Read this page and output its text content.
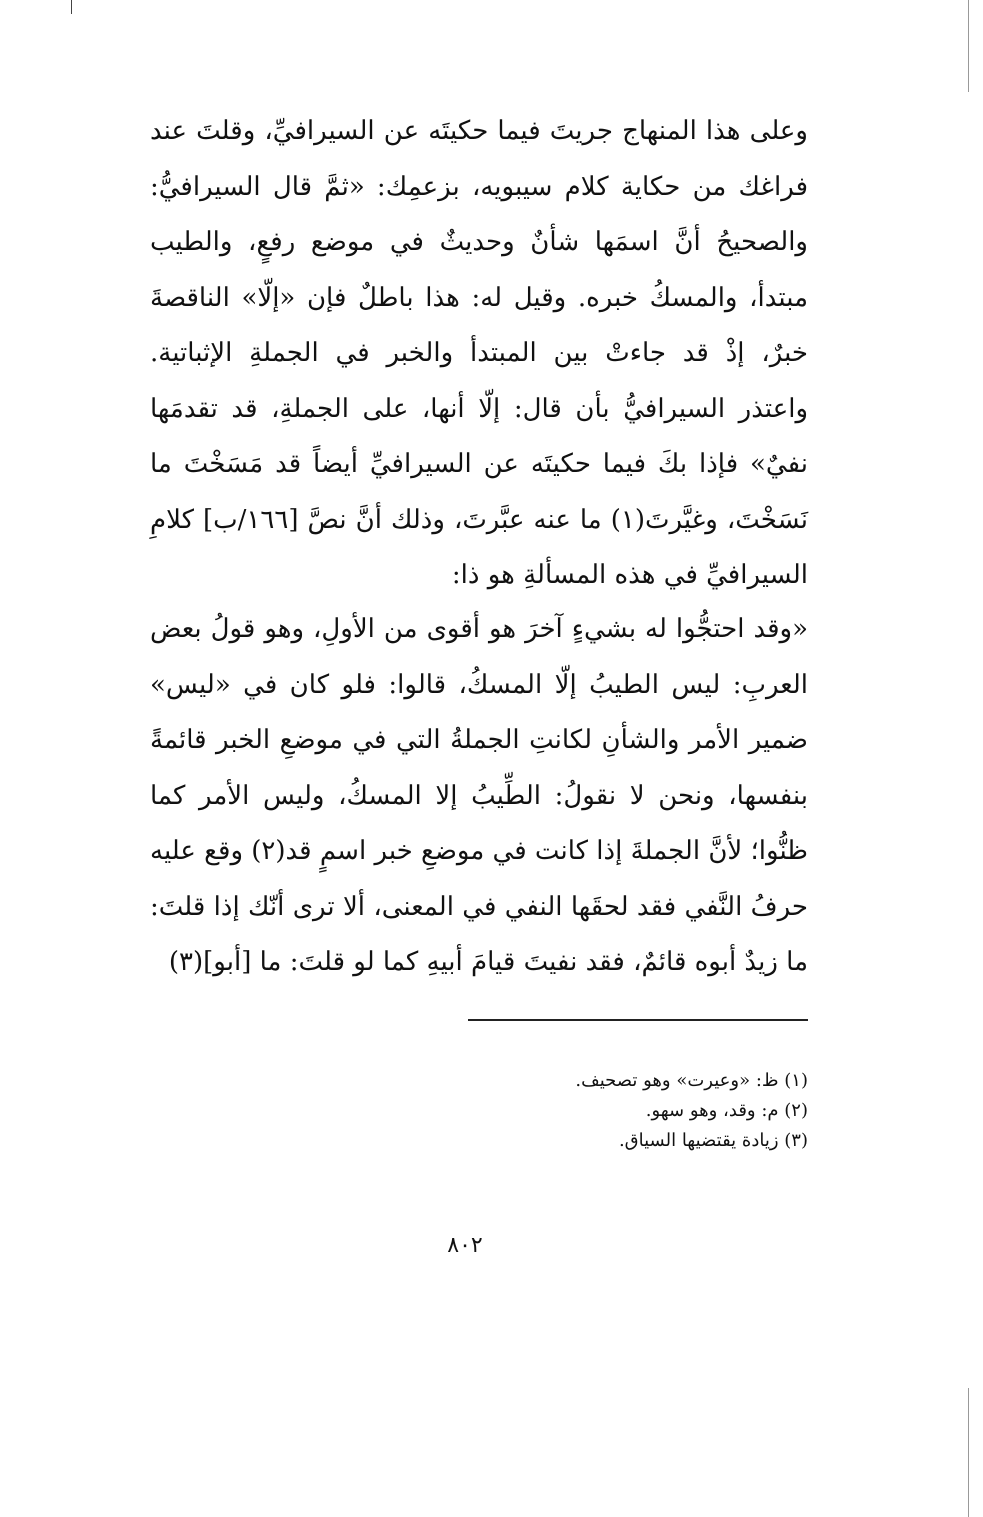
وعلى هذا المنهاج جريتَ فيما حكيتَه عن السيرافيِّ، وقلتَ عند فراغك من حكاية كلام سيبويه، بزعمِك: «ثمَّ قال السيرافيُّ: والصحيحُ أنَّ اسمَها شأنٌ وحديثٌ في موضع رفعٍ، والطيب مبتدأ، والمسكُ خبره. وقيل له: هذا باطلٌ فإن «إلّا» الناقصةَ خبرٌ، إذْ قد جاءتْ بين المبتدأ والخبر في الجملةِ الإثباتية. واعتذر السيرافيُّ بأن قال: إلّا أنها، على الجملةِ، قد تقدمَها نفيٌ» فإذا بكَ فيما حكيتَه عن السيرافيِّ أيضاً قد مَسَخْتَ ما نَسَخْتَ، وغيَّرتَ(١) ما عنه عبَّرتَ، وذلك أنَّ نصَّ [١٦٦/ب] كلامِ السيرافيِّ في هذه المسألةِ هو ذا:

«وقد احتجُّوا له بشيءٍ آخرَ هو أقوى من الأولِ، وهو قولُ بعض العربِ: ليس الطيبُ إلّا المسكُ، قالوا: فلو كان في «ليس» ضمير الأمر والشأنِ لكانتِ الجملةُ التي في موضعِ الخبر قائمةً بنفسها، ونحن لا نقولُ: الطِّيبُ إلا المسكُ، وليس الأمر كما ظنُّوا؛ لأنَّ الجملةَ إذا كانت في موضعِ خبر اسمٍ قد(٢) وقع عليه حرفُ النَّفي فقد لحقَها النفي في المعنى، ألا ترى أنّك إذا قلتَ: ما زيدٌ أبوه قائمٌ، فقد نفيتَ قيامَ أبيهِ كما لو قلتَ: ما [أبو](٣)

(١) ظ: «وعيرت» وهو تصحيف.
(٢) م: وقد، وهو سهو.
(٣) زيادة يقتضيها السياق.
٨٠٢
